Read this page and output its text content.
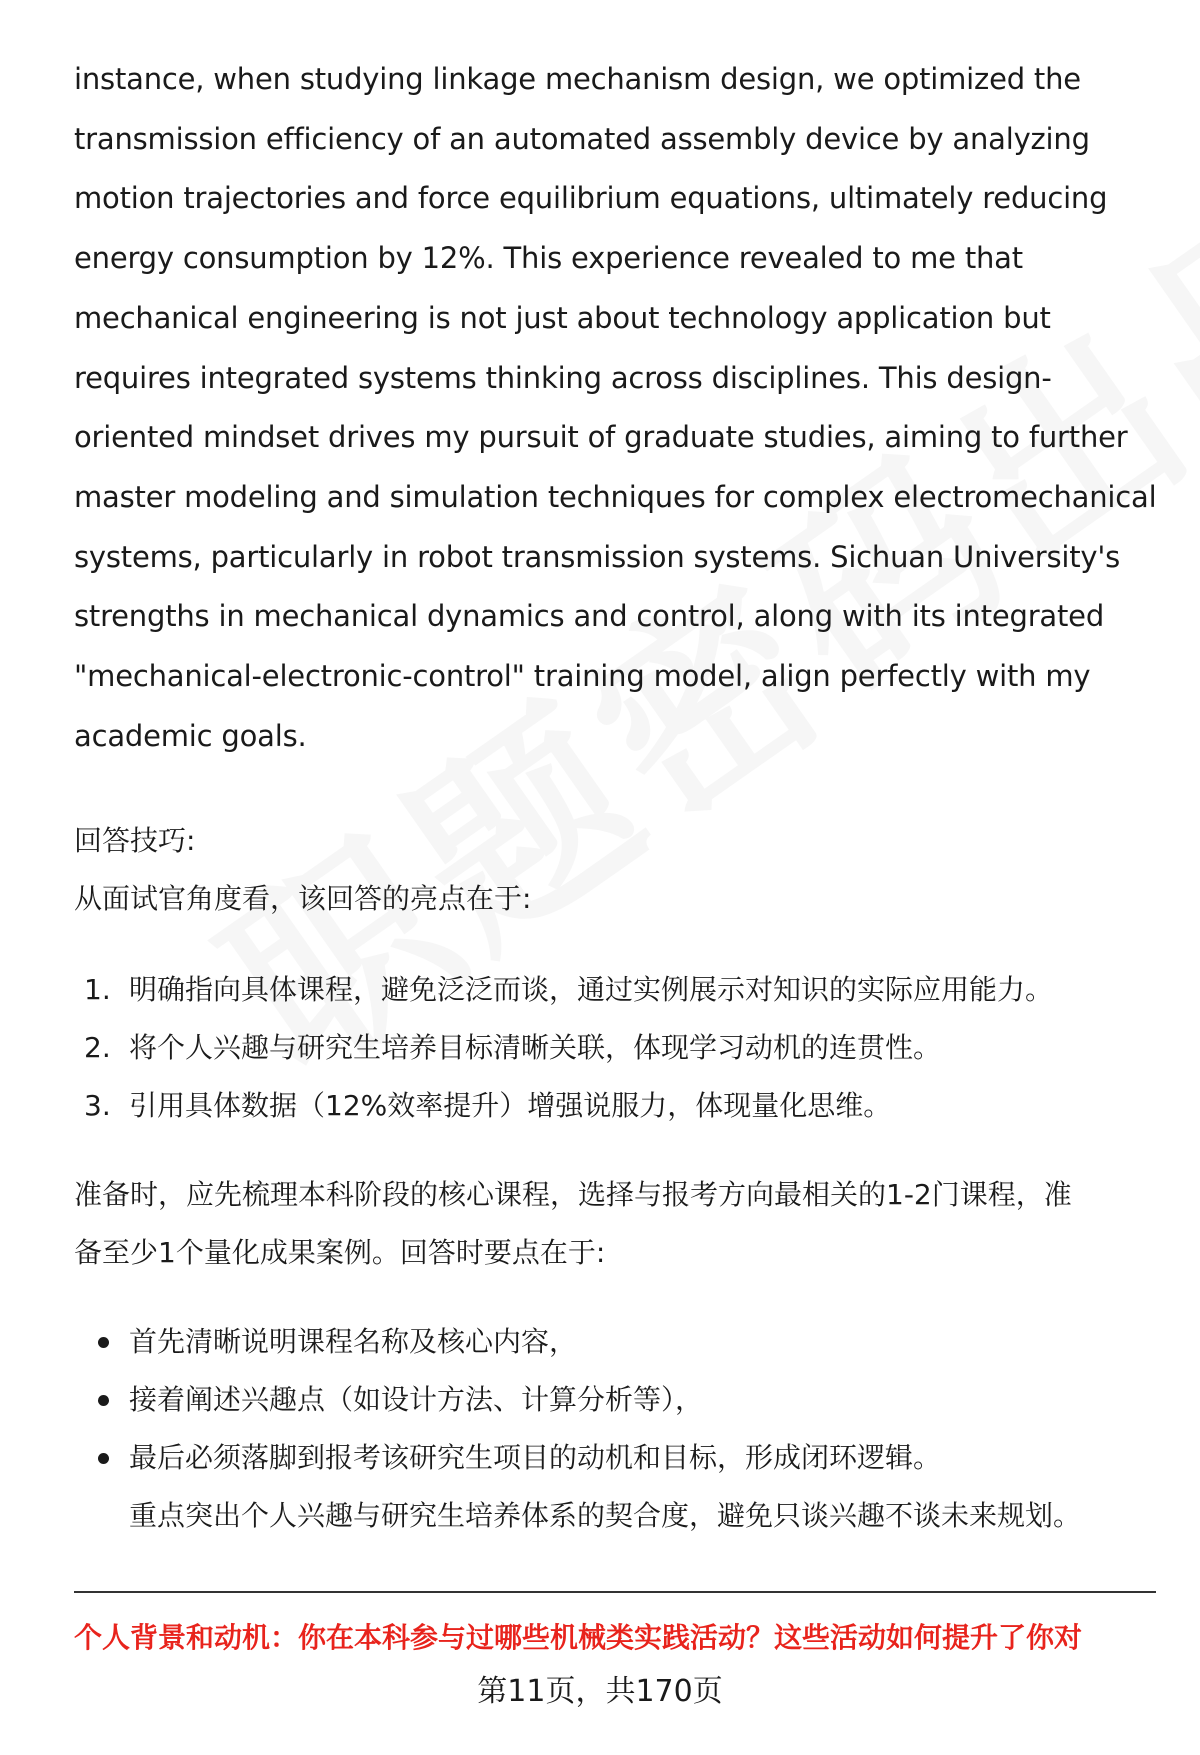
instance, when studying linkage mechanism design, we optimized the
transmission efficiency of an automated assembly device by analyzing
motion trajectories and force equilibrium equations, ultimately reducing
energy consumption by 12%. This experience revealed to me that
mechanical engineering is not just about technology application but
requires integrated systems thinking across disciplines. This design-
oriented mindset drives my pursuit of graduate studies, aiming to further
master modeling and simulation techniques for complex electromechanical
systems, particularly in robot transmission systems. Sichuan University's
strengths in mechanical dynamics and control, along with its integrated
"mechanical-electronic-control" training model, align perfectly with my
academic goals.

回答技巧:

从面试官角度看，该回答的亮点在于:

1. 明确指向具体课程，避免泛泛而谈，通过实例展示对知识的实际应用能力。
2. 将个人兴趣与研究生培养目标清晰关联，体现学习动机的连贯性。
3. 引用具体数据（12%效率提升）增强说服力，体现量化思维。

准备时，应先梳理本科阶段的核心课程，选择与报考方向最相关的1-2门课程，准
备至少1个量化成果案例。回答时要点在于:

首先清晰说明课程名称及核心内容，
接着阐述兴趣点（如设计方法、计算分析等），
最后必须落脚到报考该研究生项目的动机和目标，形成闭环逻辑。
重点突出个人兴趣与研究生培养体系的契合度，避免只谈兴趣不谈未来规划。
个人背景和动机：你在本科参与过哪些机械类实践活动？这些活动如何提升了你对
第11页，共170页
